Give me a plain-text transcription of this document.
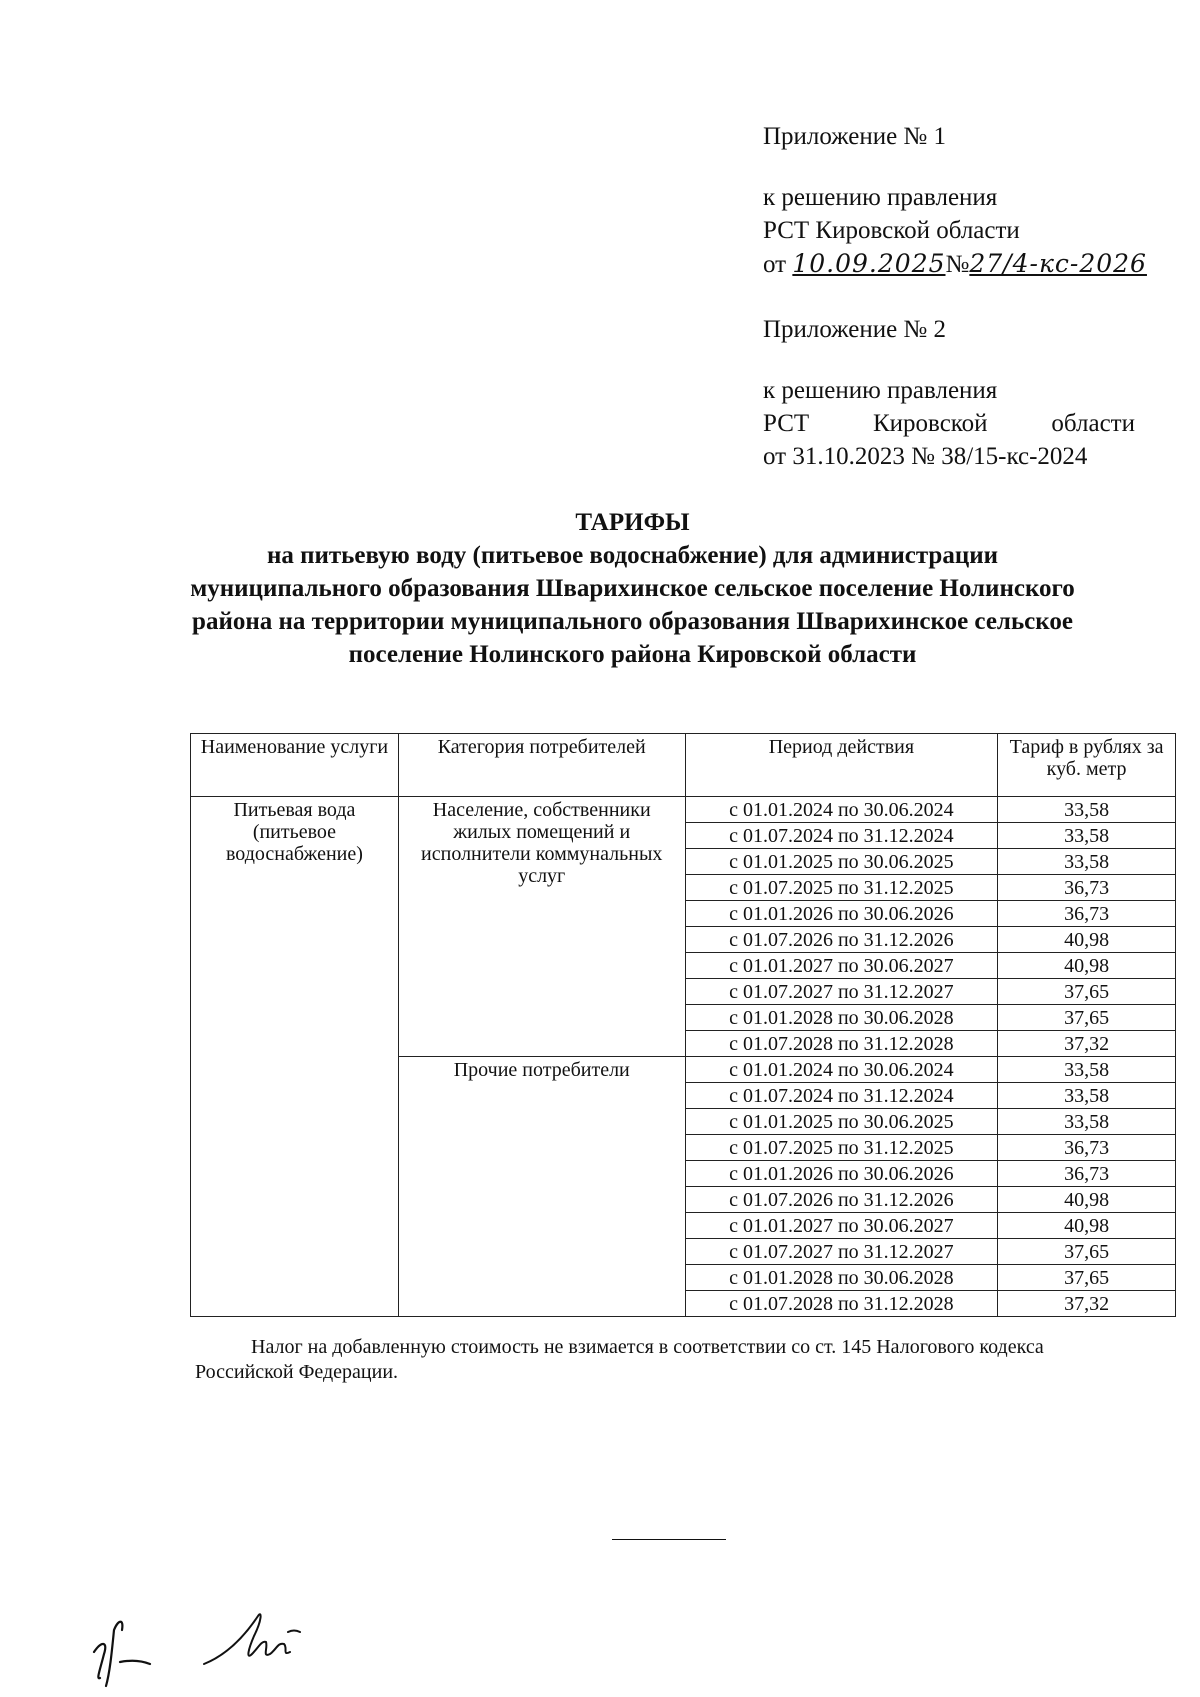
Приложение № 1
к решению правления
РСТ Кировской области
от 10.09.2025№27/4-кс-2026
Приложение № 2
к решению правления
РСТ	Кировской	области
от 31.10.2023 № 38/15-кс-2024
ТАРИФЫ
на питьевую воду (питьевое водоснабжение) для администрации муниципального образования Шварихинское сельское поселение Нолинского района на территории муниципального образования Шварихинское сельское поселение Нолинского района Кировской области
Наименование услуги	Категория потребителей	Период действия	Тариф в рублях за куб. метр
Питьевая вода (питьевое водоснабжение)	Население, собственники жилых помещений и исполнители коммунальных услуг	с 01.01.2024 по 30.06.2024	33,58
		с 01.07.2024 по 31.12.2024	33,58
		с 01.01.2025 по 30.06.2025	33,58
		с 01.07.2025 по 31.12.2025	36,73
		с 01.01.2026 по 30.06.2026	36,73
		с 01.07.2026 по 31.12.2026	40,98
		с 01.01.2027 по 30.06.2027	40,98
		с 01.07.2027 по 31.12.2027	37,65
		с 01.01.2028 по 30.06.2028	37,65
		с 01.07.2028 по 31.12.2028	37,32
	Прочие потребители	с 01.01.2024 по 30.06.2024	33,58
		с 01.07.2024 по 31.12.2024	33,58
		с 01.01.2025 по 30.06.2025	33,58
		с 01.07.2025 по 31.12.2025	36,73
		с 01.01.2026 по 30.06.2026	36,73
		с 01.07.2026 по 31.12.2026	40,98
		с 01.01.2027 по 30.06.2027	40,98
		с 01.07.2027 по 31.12.2027	37,65
		с 01.01.2028 по 30.06.2028	37,65
		с 01.07.2028 по 31.12.2028	37,32
Налог на добавленную стоимость не взимается в соответствии со ст. 145 Налогового кодекса Российской Федерации.
